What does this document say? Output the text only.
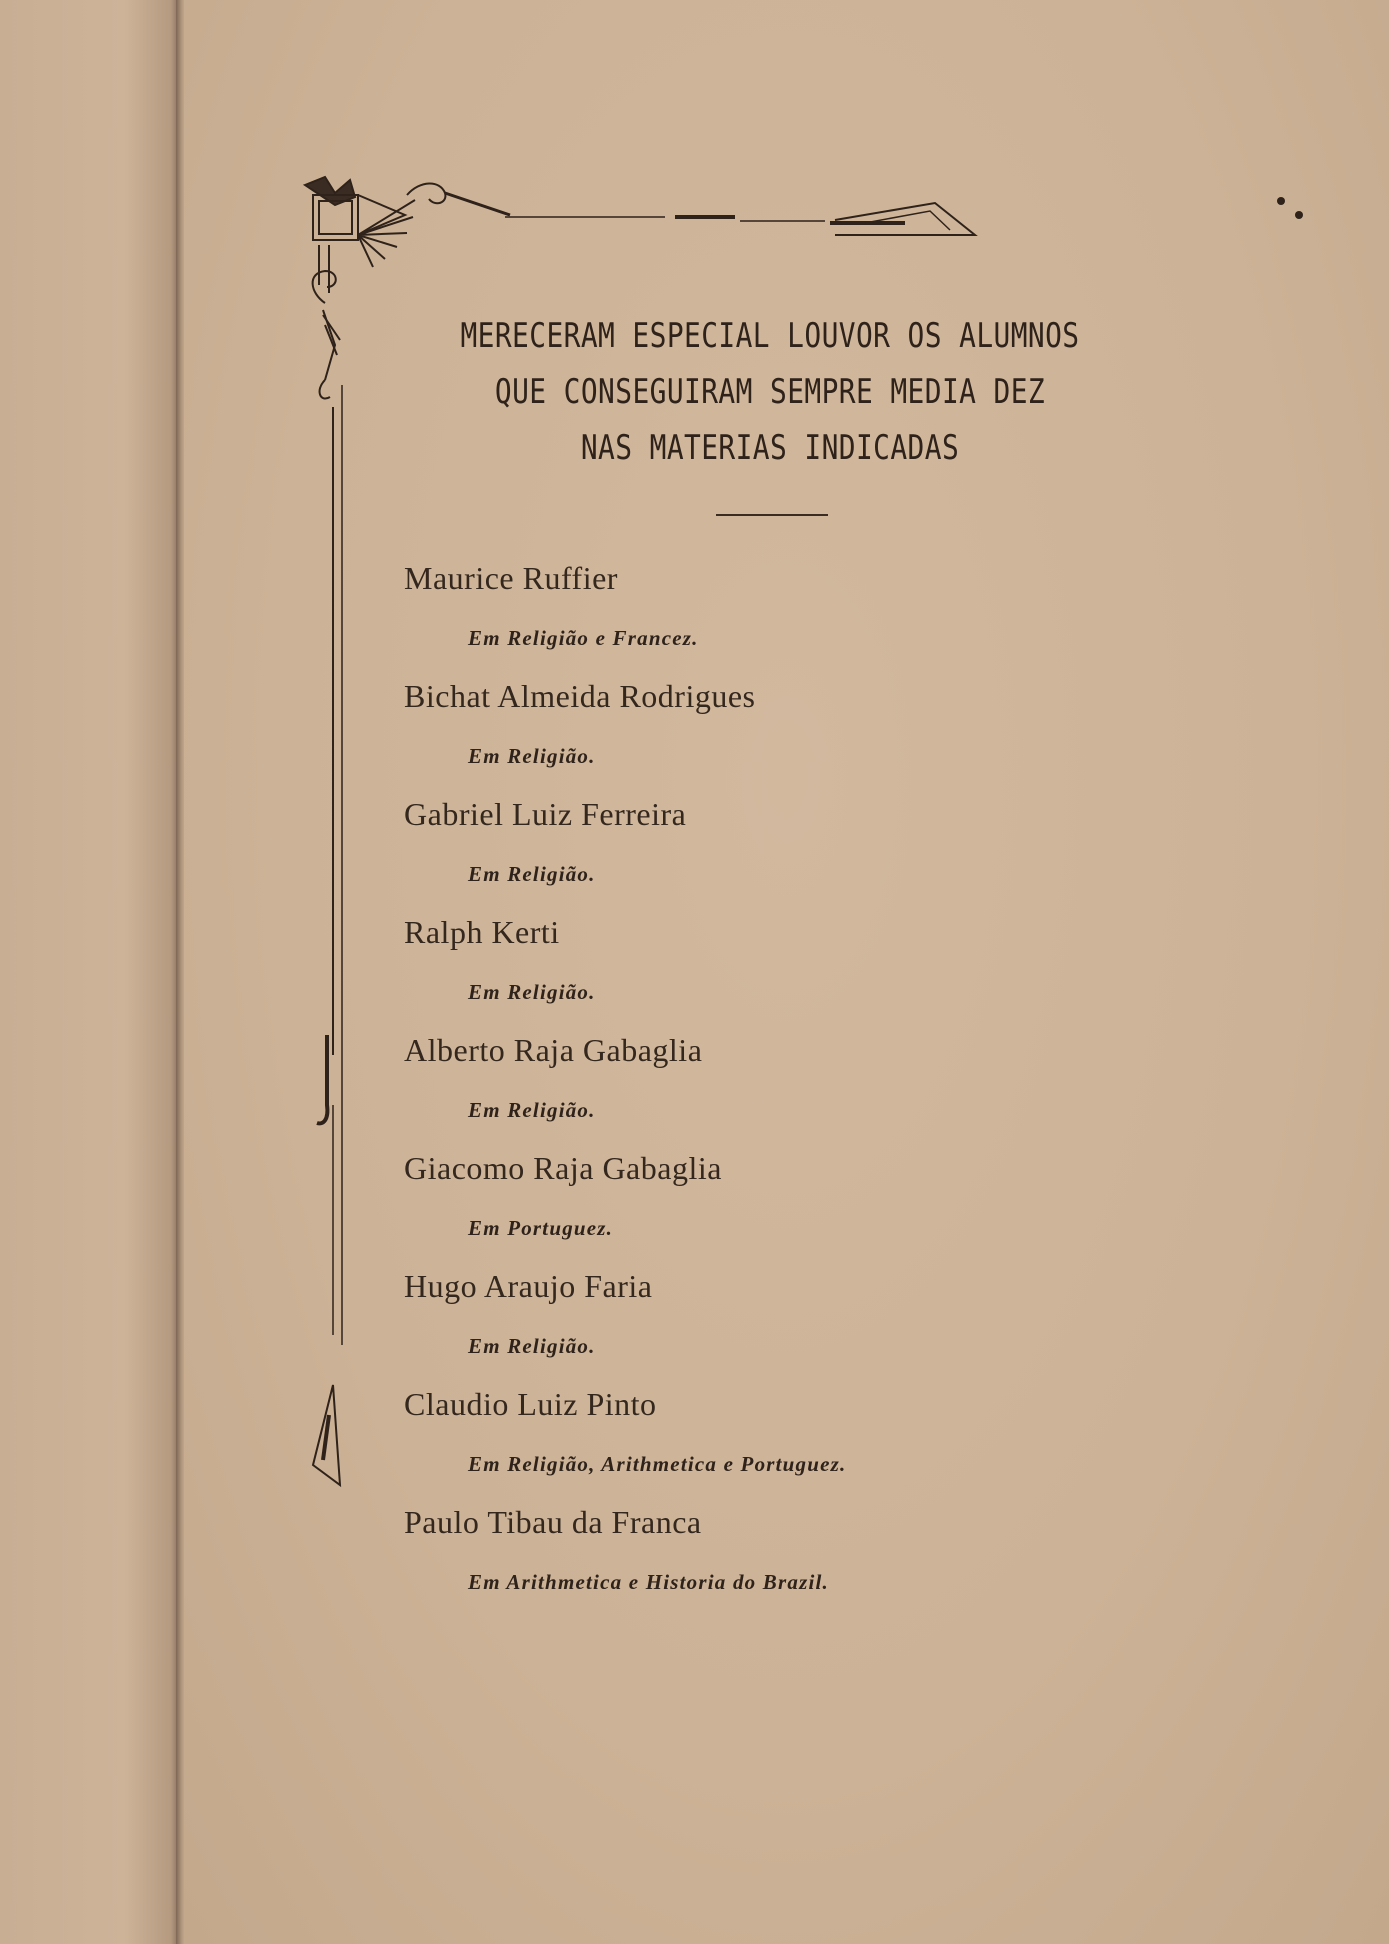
MERECERAM ESPECIAL LOUVOR OS ALUMNOS
QUE CONSEGUIRAM SEMPRE MEDIA DEZ
NAS MATERIAS INDICADAS
Maurice Ruffier
Em Religião e Francez.
Bichat Almeida Rodrigues
Em Religião.
Gabriel Luiz Ferreira
Em Religião.
Ralph Kerti
Em Religião.
Alberto Raja Gabaglia
Em Religião.
Giacomo Raja Gabaglia
Em Portuguez.
Hugo Araujo Faria
Em Religião.
Claudio Luiz Pinto
Em Religião, Arithmetica e Portuguez.
Paulo Tibau da Franca
Em Arithmetica e Historia do Brazil.
